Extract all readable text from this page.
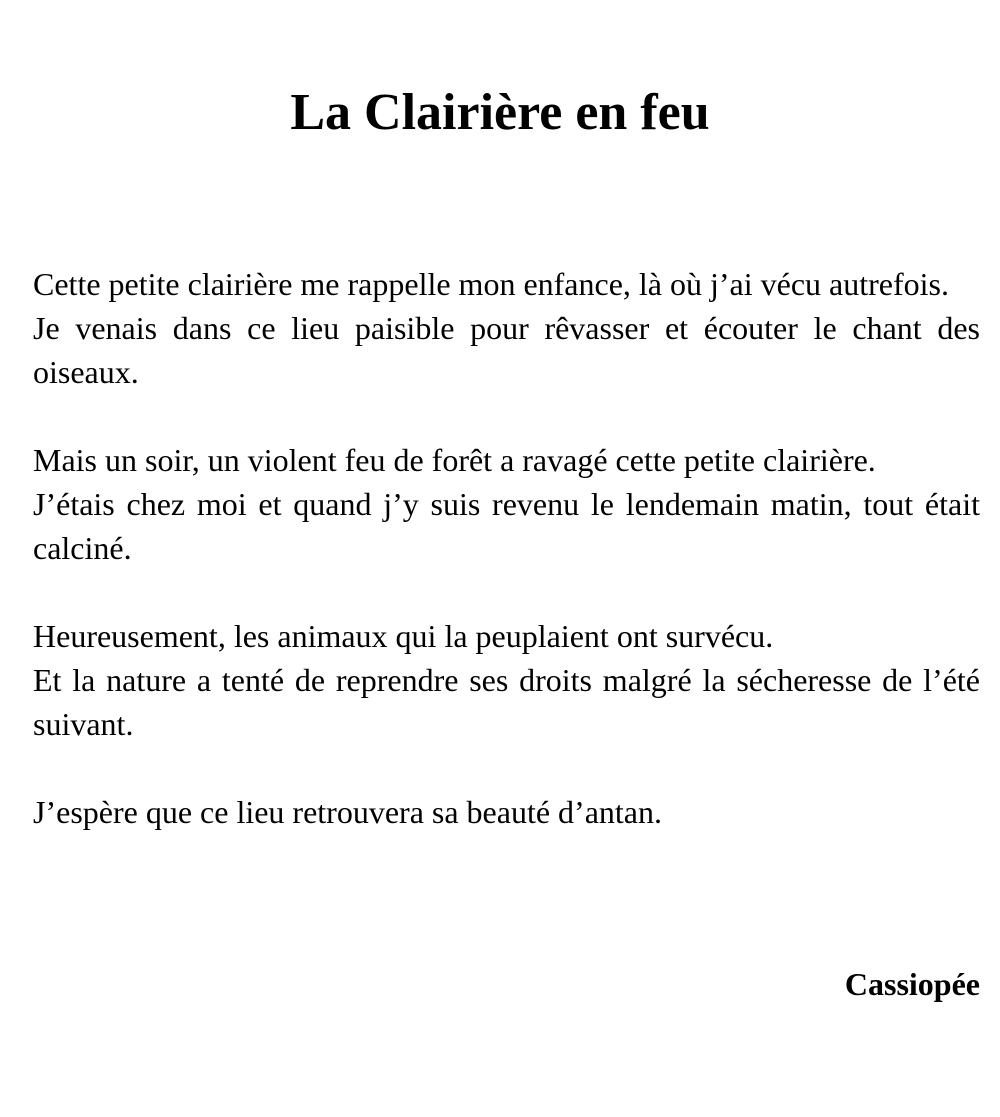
La Clairière en feu

Cette petite clairière me rappelle mon enfance, là où j’ai vécu autrefois.

Je venais dans ce lieu paisible pour rêvasser et écouter le chant des oiseaux.

Mais un soir, un violent feu de forêt a ravagé cette petite clairière.

J’étais chez moi et quand j’y suis revenu le lendemain matin, tout était calciné.

Heureusement, les animaux qui la peuplaient ont survécu.

Et la nature a tenté de reprendre ses droits malgré la sécheresse de l’été suivant.

J’espère que ce lieu retrouvera sa beauté d’antan.

Cassiopée
